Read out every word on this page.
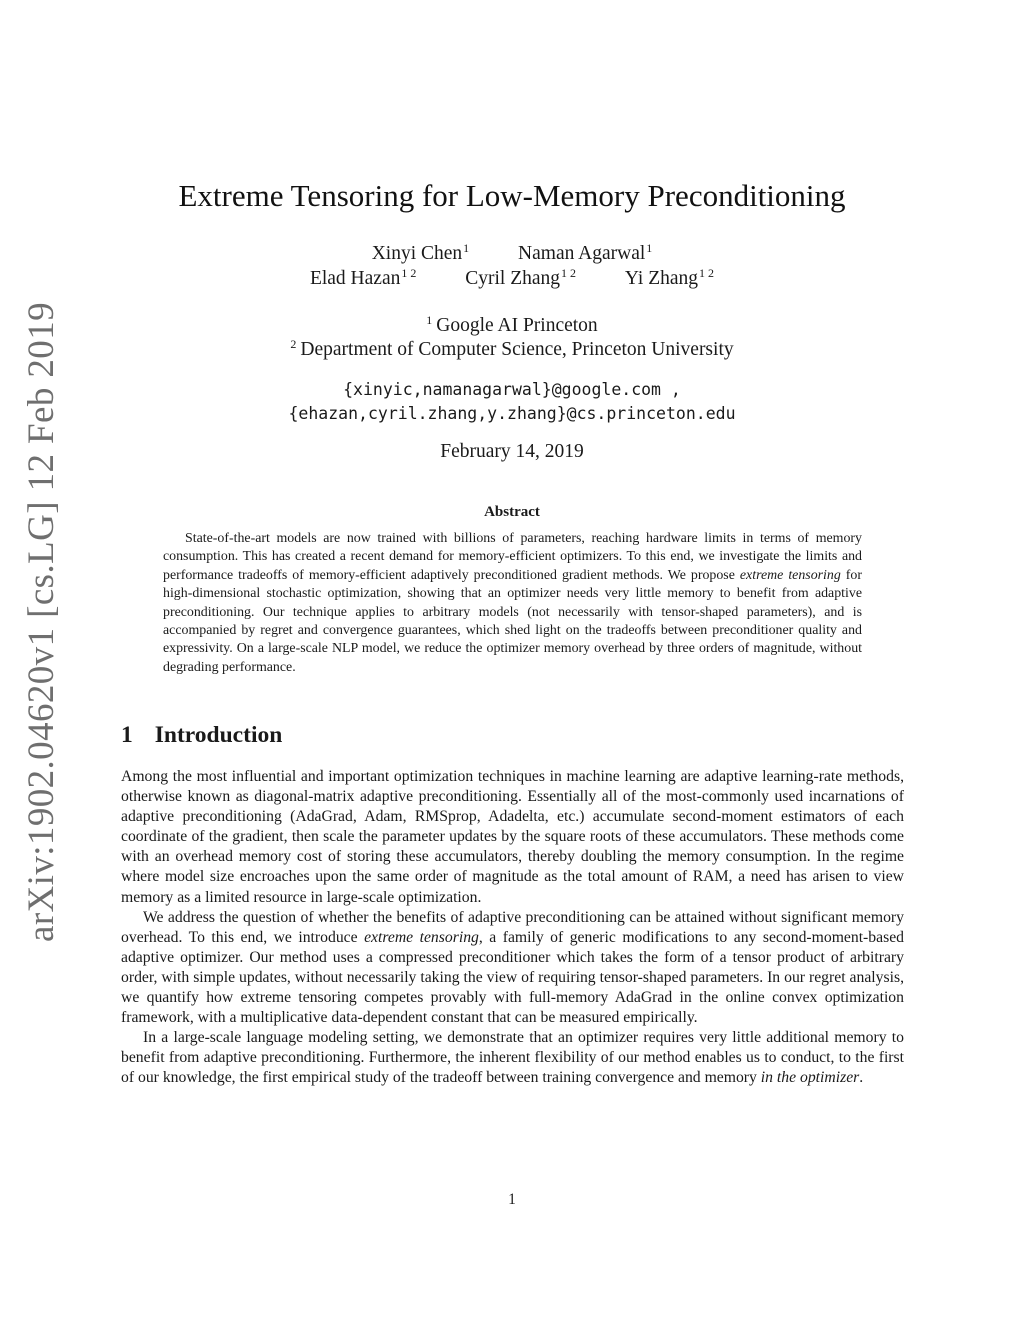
arXiv:1902.04620v1 [cs.LG] 12 Feb 2019
Extreme Tensoring for Low-Memory Preconditioning
Xinyi Chen$^1$	Naman Agarwal$^1$
Elad Hazan$^{1 2}$	Cyril Zhang$^{1 2}$	Yi Zhang$^{1 2}$
$^1$ Google AI Princeton
$^2$ Department of Computer Science, Princeton University
{xinyic,namanagarwal}@google.com ,
{ehazan,cyril.zhang,y.zhang}@cs.princeton.edu
February 14, 2019
Abstract

State-of-the-art models are now trained with billions of parameters, reaching hardware limits in terms of memory consumption. This has created a recent demand for memory-efficient optimizers. To this end, we investigate the limits and performance tradeoffs of memory-efficient adaptively preconditioned gradient methods. We propose extreme tensoring for high-dimensional stochastic optimization, showing that an optimizer needs very little memory to benefit from adaptive preconditioning. Our technique applies to arbitrary models (not necessarily with tensor-shaped parameters), and is accompanied by regret and convergence guarantees, which shed light on the tradeoffs between preconditioner quality and expressivity. On a large-scale NLP model, we reduce the optimizer memory overhead by three orders of magnitude, without degrading performance.

1 Introduction

Among the most influential and important optimization techniques in machine learning are adaptive learning-rate methods, otherwise known as diagonal-matrix adaptive preconditioning. Essentially all of the most-commonly used incarnations of adaptive preconditioning (AdaGrad, Adam, RMSprop, Adadelta, etc.) accumulate second-moment estimators of each coordinate of the gradient, then scale the parameter updates by the square roots of these accumulators. These methods come with an overhead memory cost of storing these accumulators, thereby doubling the memory consumption. In the regime where model size encroaches upon the same order of magnitude as the total amount of RAM, a need has arisen to view memory as a limited resource in large-scale optimization.

We address the question of whether the benefits of adaptive preconditioning can be attained without significant memory overhead. To this end, we introduce extreme tensoring, a family of generic modifications to any second-moment-based adaptive optimizer. Our method uses a compressed preconditioner which takes the form of a tensor product of arbitrary order, with simple updates, without necessarily taking the view of requiring tensor-shaped parameters. In our regret analysis, we quantify how extreme tensoring competes provably with full-memory AdaGrad in the online convex optimization framework, with a multiplicative data-dependent constant that can be measured empirically.

In a large-scale language modeling setting, we demonstrate that an optimizer requires very little additional memory to benefit from adaptive preconditioning. Furthermore, the inherent flexibility of our method enables us to conduct, to the first of our knowledge, the first empirical study of the tradeoff between training convergence and memory in the optimizer.

1
